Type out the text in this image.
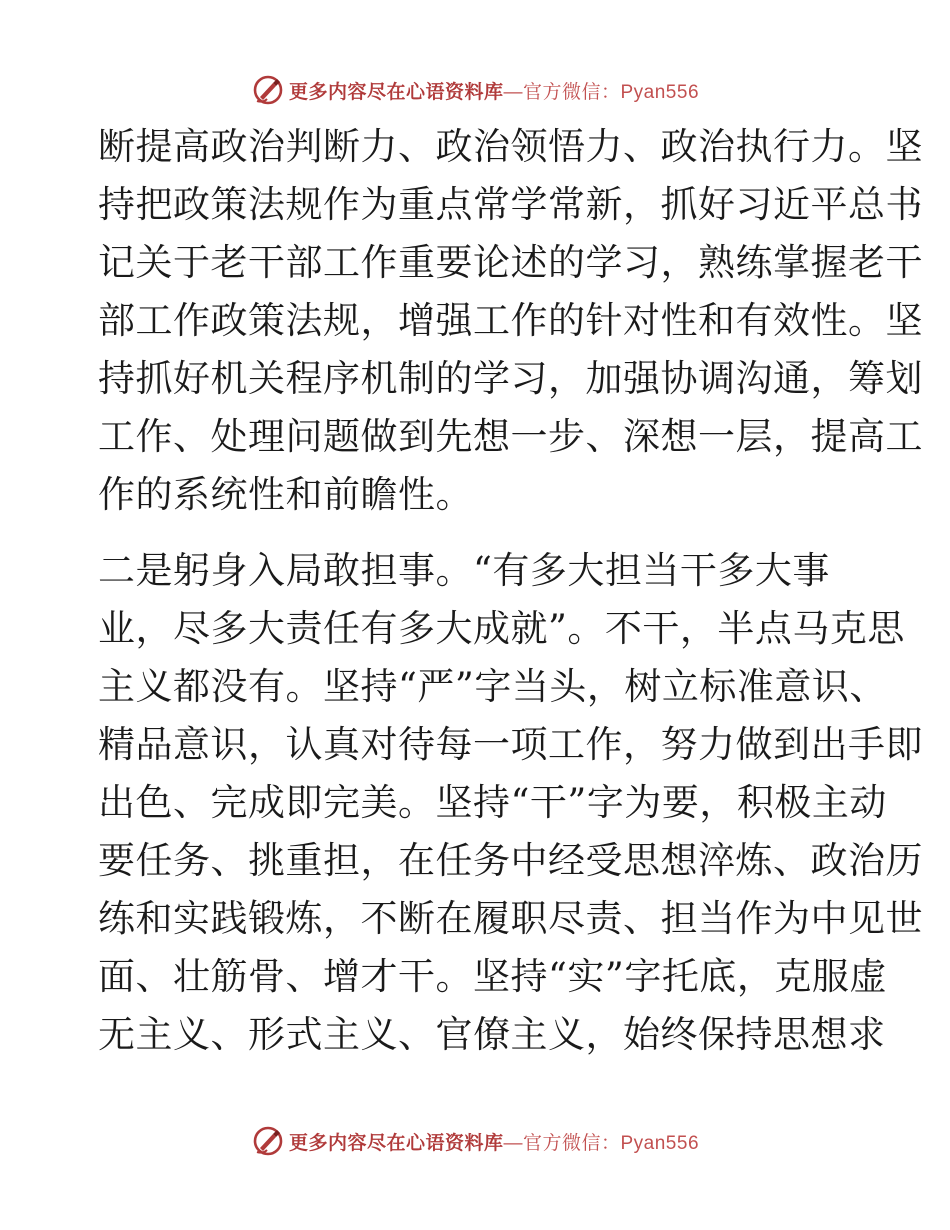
更多内容尽在心语资料库—官方微信：Pyan556
断提高政治判断力、政治领悟力、政治执行力。坚
持把政策法规作为重点常学常新，抓好习近平总书
记关于老干部工作重要论述的学习，熟练掌握老干
部工作政策法规，增强工作的针对性和有效性。坚
持抓好机关程序机制的学习，加强协调沟通，筹划
工作、处理问题做到先想一步、深想一层，提高工
作的系统性和前瞻性。
二是躬身入局敢担事。“有多大担当干多大事
业，尽多大责任有多大成就”。不干，半点马克思
主义都没有。坚持“严”字当头，树立标准意识、
精品意识，认真对待每一项工作，努力做到出手即
出色、完成即完美。坚持“干”字为要，积极主动
要任务、挑重担，在任务中经受思想淬炼、政治历
练和实践锻炼，不断在履职尽责、担当作为中见世
面、壮筋骨、增才干。坚持“实”字托底，克服虚
无主义、形式主义、官僚主义，始终保持思想求
更多内容尽在心语资料库—官方微信：Pyan556
